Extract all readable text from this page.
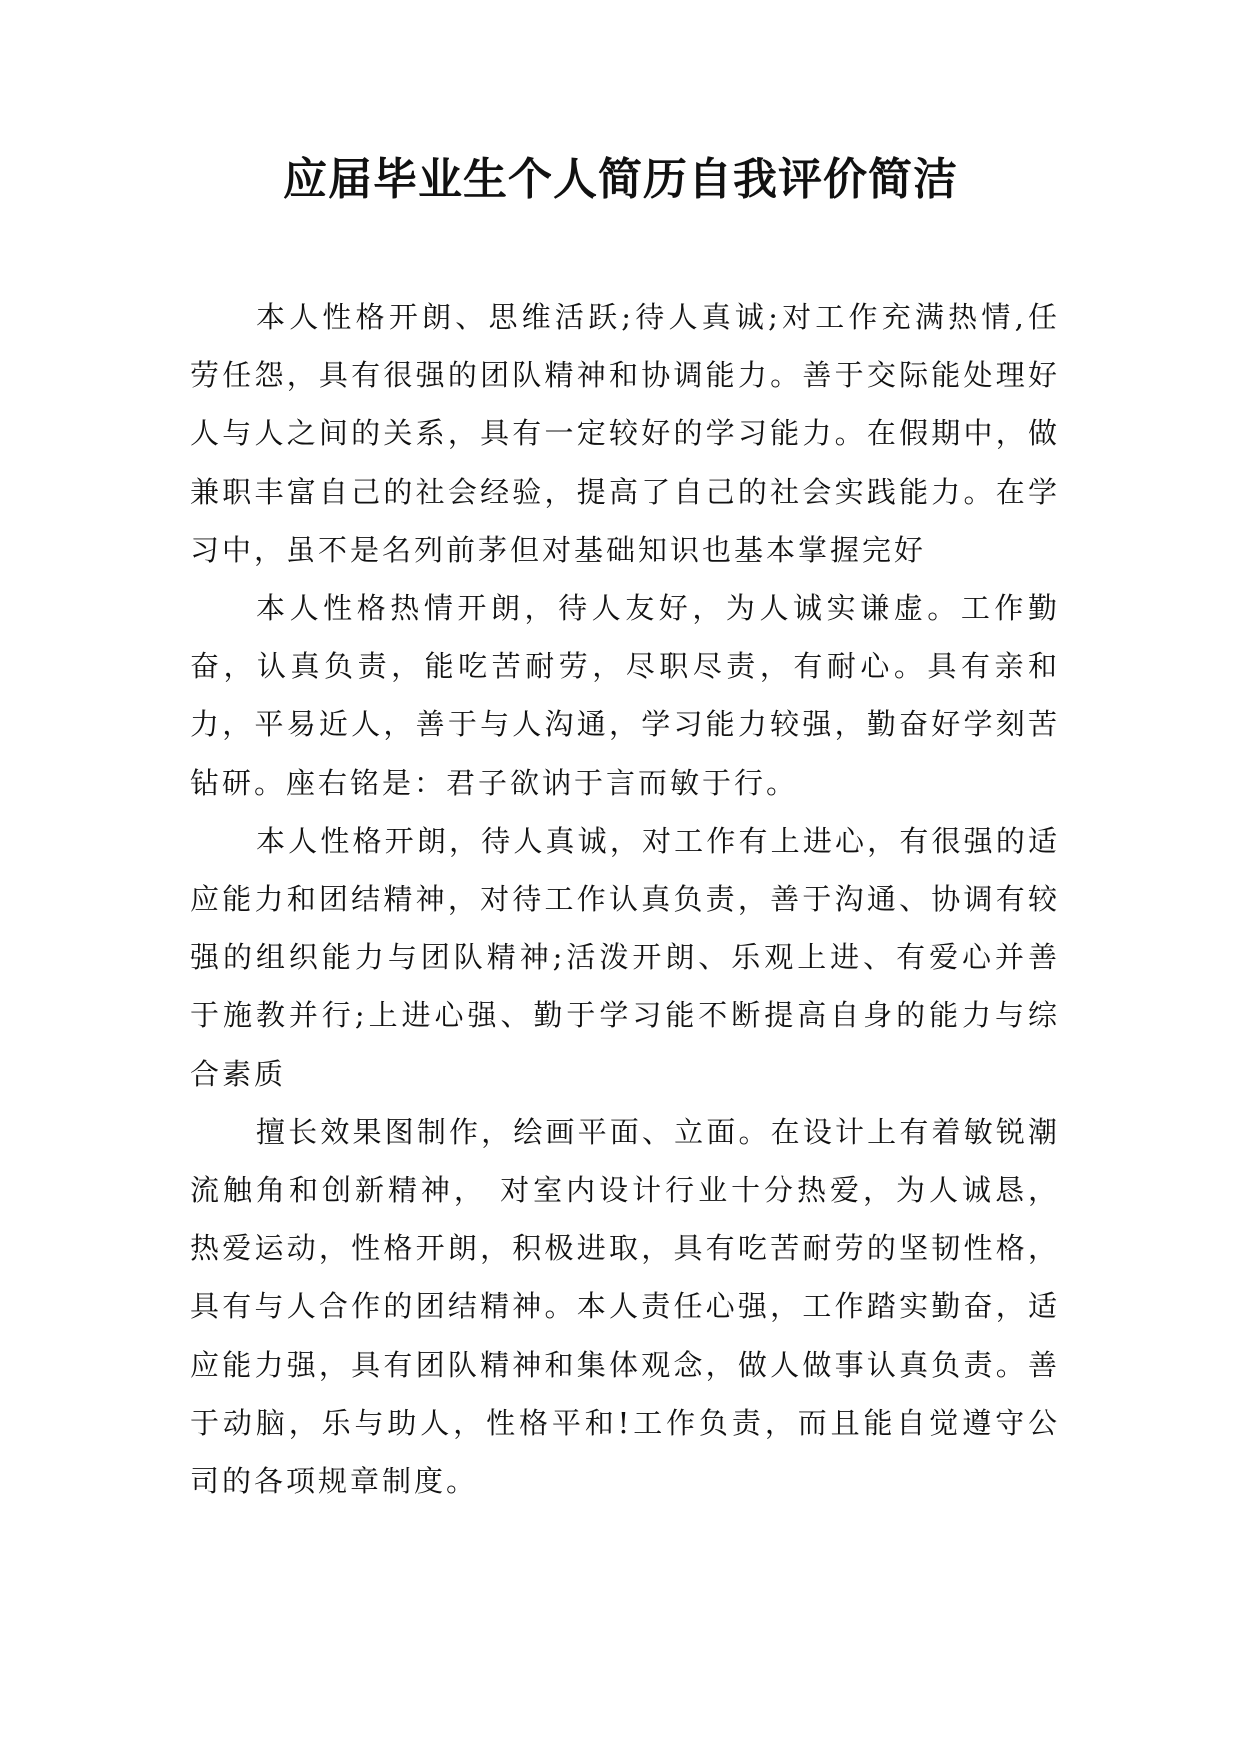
应届毕业生个人简历自我评价简洁

本人性格开朗、思维活跃;待人真诚;对工作充满热情,任劳任怨，具有很强的团队精神和协调能力。善于交际能处理好人与人之间的关系，具有一定较好的学习能力。在假期中，做兼职丰富自己的社会经验，提高了自己的社会实践能力。在学习中，虽不是名列前茅但对基础知识也基本掌握完好

本人性格热情开朗，待人友好，为人诚实谦虚。工作勤奋，认真负责，能吃苦耐劳，尽职尽责，有耐心。具有亲和力，平易近人，善于与人沟通，学习能力较强，勤奋好学刻苦钻研。座右铭是：君子欲讷于言而敏于行。

本人性格开朗，待人真诚，对工作有上进心，有很强的适应能力和团结精神，对待工作认真负责，善于沟通、协调有较强的组织能力与团队精神;活泼开朗、乐观上进、有爱心并善于施教并行;上进心强、勤于学习能不断提高自身的能力与综合素质

擅长效果图制作，绘画平面、立面。在设计上有着敏锐潮流触角和创新精神， 对室内设计行业十分热爱，为人诚恳，热爱运动，性格开朗，积极进取，具有吃苦耐劳的坚韧性格，具有与人合作的团结精神。本人责任心强，工作踏实勤奋，适应能力强，具有团队精神和集体观念，做人做事认真负责。善于动脑，乐与助人，性格平和!工作负责，而且能自觉遵守公司的各项规章制度。
